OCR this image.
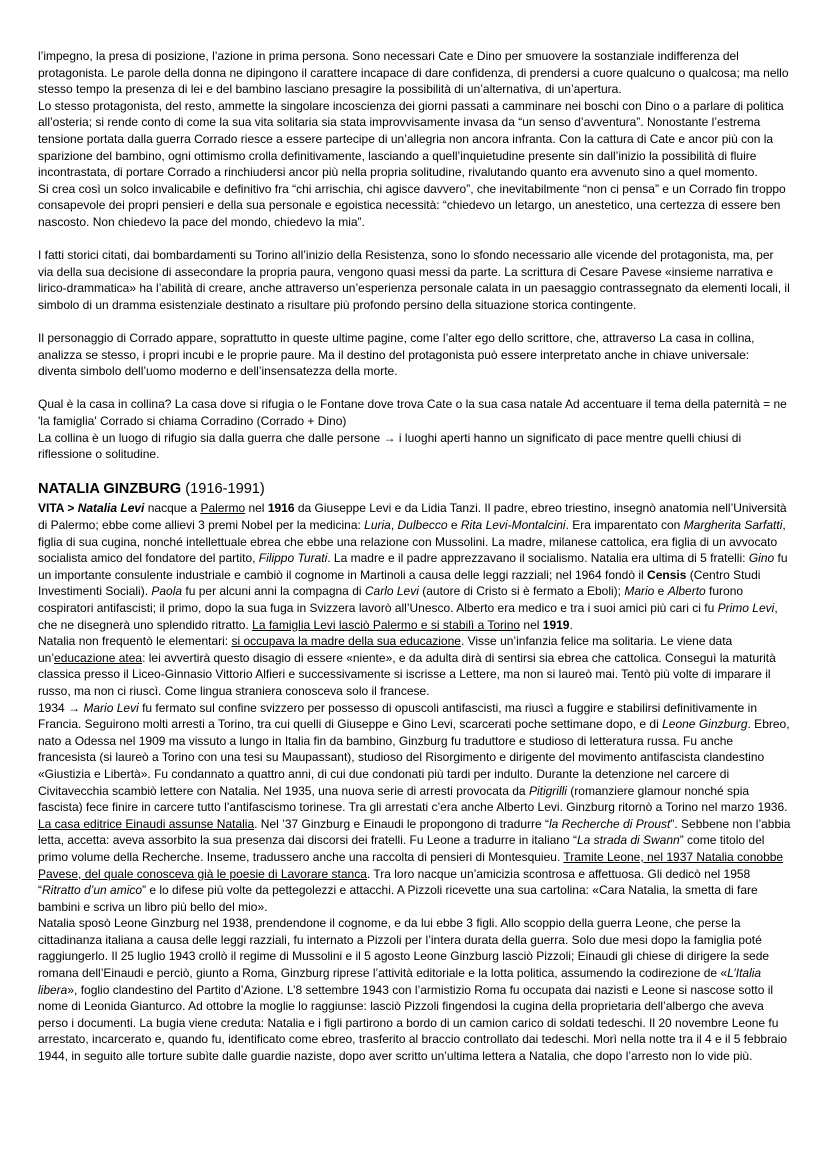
l’impegno, la presa di posizione, l’azione in prima persona. Sono necessari Cate e Dino per smuovere la sostanziale indifferenza del protagonista. Le parole della donna ne dipingono il carattere incapace di dare confidenza, di prendersi a cuore qualcuno o qualcosa; ma nello stesso tempo la presenza di lei e del bambino lasciano presagire la possibilità di un’alternativa, di un’apertura.

Lo stesso protagonista, del resto, ammette la singolare incoscienza dei giorni passati a camminare nei boschi con Dino o a parlare di politica all’osteria; si rende conto di come la sua vita solitaria sia stata improvvisamente invasa da “un senso d’avventura”. Nonostante l’estrema tensione portata dalla guerra Corrado riesce a essere partecipe di un’allegria non ancora infranta. Con la cattura di Cate e ancor più con la sparizione del bambino, ogni ottimismo crolla definitivamente, lasciando a quell’inquietudine presente sin dall’inizio la possibilità di fluire incontrastata, di portare Corrado a rinchiudersi ancor più nella propria solitudine, rivalutando quanto era avvenuto sino a quel momento.

Si crea così un solco invalicabile e definitivo fra “chi arrischia, chi agisce davvero”, che inevitabilmente “non ci pensa” e un Corrado fin troppo consapevole dei propri pensieri e della sua personale e egoistica necessità: “chiedevo un letargo, un anestetico, una certezza di essere ben nascosto. Non chiedevo la pace del mondo, chiedevo la mia”.

I fatti storici citati, dai bombardamenti su Torino all’inizio della Resistenza, sono lo sfondo necessario alle vicende del protagonista, ma, per via della sua decisione di assecondare la propria paura, vengono quasi messi da parte. La scrittura di Cesare Pavese «insieme narrativa e lirico-drammatica» ha l’abilità di creare, anche attraverso un’esperienza personale calata in un paesaggio contrassegnato da elementi locali, il simbolo di un dramma esistenziale destinato a risultare più profondo persino della situazione storica contingente.

Il personaggio di Corrado appare, soprattutto in queste ultime pagine, come l’alter ego dello scrittore, che, attraverso La casa in collina, analizza se stesso, i propri incubi e le proprie paure. Ma il destino del protagonista può essere interpretato anche in chiave universale: diventa simbolo dell’uomo moderno e dell’insensatezza della morte.

Qual è la casa in collina? La casa dove si rifugia o le Fontane dove trova Cate o la sua casa natale Ad accentuare il tema della paternità = ne 'la famiglia' Corrado si chiama Corradino (Corrado + Dino)

La collina è un luogo di rifugio sia dalla guerra che dalle persone → i luoghi aperti hanno un significato di pace mentre quelli chiusi di riflessione o solitudine.

NATALIA GINZBURG (1916-1991)

VITA > Natalia Levi nacque a Palermo nel 1916 da Giuseppe Levi e da Lidia Tanzi. Il padre, ebreo triestino, insegnò anatomia nell’Università di Palermo; ebbe come allievi 3 premi Nobel per la medicina: Luria, Dulbecco e Rita Levi-Montalcini. Era imparentato con Margherita Sarfatti, figlia di sua cugina, nonché intellettuale ebrea che ebbe una relazione con Mussolini. La madre, milanese cattolica, era figlia di un avvocato socialista amico del fondatore del partito, Filippo Turati. La madre e il padre apprezzavano il socialismo. Natalia era ultima di 5 fratelli: Gino fu un importante consulente industriale e cambiò il cognome in Martinoli a causa delle leggi razziali; nel 1964 fondò il Censis (Centro Studi Investimenti Sociali). Paola fu per alcuni anni la compagna di Carlo Levi (autore di Cristo si è fermato a Eboli); Mario e Alberto furono cospiratori antifascisti; il primo, dopo la sua fuga in Svizzera lavorò all’Unesco. Alberto era medico e tra i suoi amici più cari ci fu Primo Levi, che ne disegnerà uno splendido ritratto. La famiglia Levi lasciò Palermo e si stabilì a Torino nel 1919.

Natalia non frequentò le elementari: si occupava la madre della sua educazione. Visse un’infanzia felice ma solitaria. Le viene data un’educazione atea: lei avvertirà questo disagio di essere «niente», e da adulta dirà di sentirsi sia ebrea che cattolica. Conseguì la maturità classica presso il Liceo-Ginnasio Vittorio Alfieri e successivamente si iscrisse a Lettere, ma non si laureò mai. Tentò più volte di imparare il russo, ma non ci riuscì. Come lingua straniera conosceva solo il francese.

1934 → Mario Levi fu fermato sul confine svizzero per possesso di opuscoli antifascisti, ma riuscì a fuggire e stabilirsi definitivamente in Francia. Seguirono molti arresti a Torino, tra cui quelli di Giuseppe e Gino Levi, scarcerati poche settimane dopo, e di Leone Ginzburg. Ebreo, nato a Odessa nel 1909 ma vissuto a lungo in Italia fin da bambino, Ginzburg fu traduttore e studioso di letteratura russa. Fu anche francesista (si laureò a Torino con una tesi su Maupassant), studioso del Risorgimento e dirigente del movimento antifascista clandestino «Giustizia e Libertà». Fu condannato a quattro anni, di cui due condonati più tardi per indulto. Durante la detenzione nel carcere di Civitavecchia scambiò lettere con Natalia. Nel 1935, una nuova serie di arresti provocata da Pitigrilli (romanziere glamour nonché spia fascista) fece finire in carcere tutto l’antifascismo torinese. Tra gli arrestati c’era anche Alberto Levi. Ginzburg ritornò a Torino nel marzo 1936. La casa editrice Einaudi assunse Natalia. Nel ’37 Ginzburg e Einaudi le propongono di tradurre “la Recherche di Proust”. Sebbene non l’abbia letta, accetta: aveva assorbito la sua presenza dai discorsi dei fratelli. Fu Leone a tradurre in italiano “La strada di Swann” come titolo del primo volume della Recherche. Inseme, tradussero anche una raccolta di pensieri di Montesquieu. Tramite Leone, nel 1937 Natalia conobbe Pavese, del quale conosceva già le poesie di Lavorare stanca. Tra loro nacque un’amicizia scontrosa e affettuosa. Gli dedicò nel 1958 “Ritratto d’un amico” e lo difese più volte da pettegolezzi e attacchi. A Pizzoli ricevette una sua cartolina: «Cara Natalia, la smetta di fare bambini e scriva un libro più bello del mio».

Natalia sposò Leone Ginzburg nel 1938, prendendone il cognome, e da lui ebbe 3 figli. Allo scoppio della guerra Leone, che perse la cittadinanza italiana a causa delle leggi razziali, fu internato a Pizzoli per l’intera durata della guerra. Solo due mesi dopo la famiglia poté raggiungerlo. Il 25 luglio 1943 crollò il regime di Mussolini e il 5 agosto Leone Ginzburg lasciò Pizzoli; Einaudi gli chiese di dirigere la sede romana dell’Einaudi e perciò, giunto a Roma, Ginzburg riprese l’attività editoriale e la lotta politica, assumendo la codirezione de «L’Italia libera», foglio clandestino del Partito d’Azione. L’8 settembre 1943 con l’armistizio Roma fu occupata dai nazisti e Leone si nascose sotto il nome di Leonida Gianturco. Ad ottobre la moglie lo raggiunse: lasciò Pizzoli fingendosi la cugina della proprietaria dell’albergo che aveva perso i documenti. La bugia viene creduta: Natalia e i figli partirono a bordo di un camion carico di soldati tedeschi. Il 20 novembre Leone fu arrestato, incarcerato e, quando fu, identificato come ebreo, trasferito al braccio controllato dai tedeschi. Morì nella notte tra il 4 e il 5 febbraio 1944, in seguito alle torture subìte dalle guardie naziste, dopo aver scritto un’ultima lettera a Natalia, che dopo l’arresto non lo vide più.
